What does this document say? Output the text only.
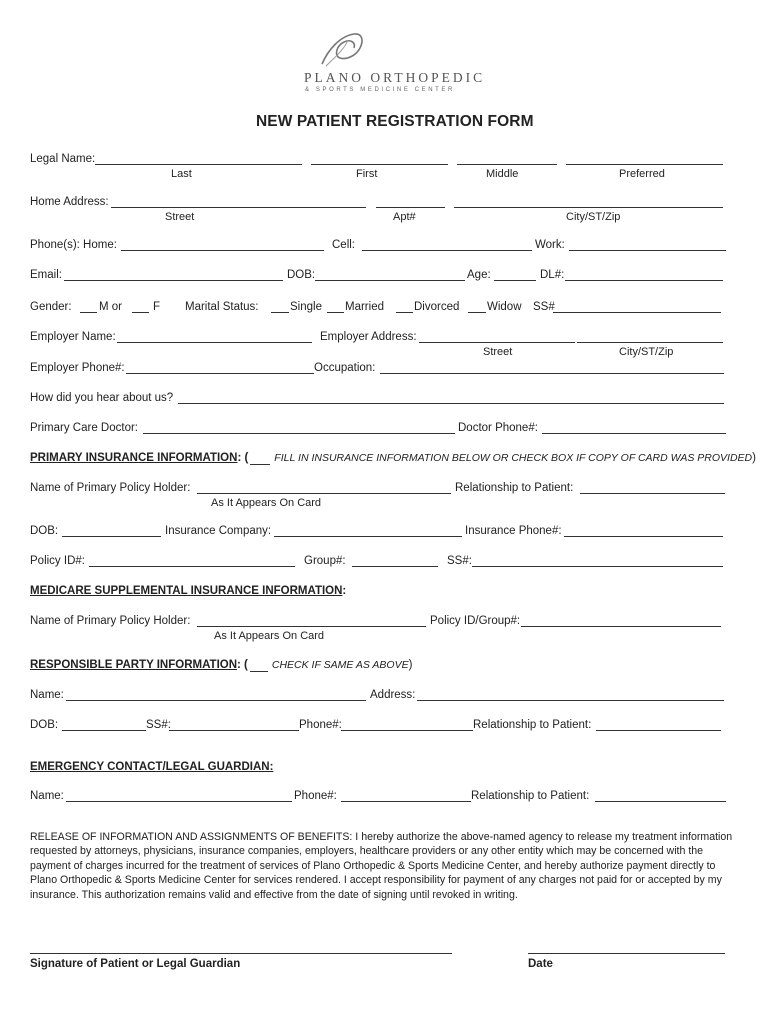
PLANO ORTHOPEDIC
& SPORTS MEDICINE CENTER
NEW PATIENT REGISTRATION FORM
Legal Name:
Last	First	Middle	Preferred
Home Address:
Street	Apt#	City/ST/Zip
Phone(s): Home:	Cell:	Work:
Email:	DOB:	Age:	DL#:
Gender: M or	F Marital Status:	Single Married	Divorced Widow SS#
Employer Name:	Employer Address:
Street	City/ST/Zip
Employer Phone#:	Occupation:
How did you hear about us?
Primary Care Doctor:	Doctor Phone#:
PRIMARY INSURANCE INFORMATION: ( FILL IN INSURANCE INFORMATION BELOW OR CHECK BOX IF COPY OF CARD WAS PROVIDED)
Name of Primary Policy Holder:
As It Appears On Card
Relationship to Patient:
DOB:	Insurance Company:	Insurance Phone#:
Policy ID#:	Group#:	SS#:
MEDICARE SUPPLEMENTAL INSURANCE INFORMATION:
Name of Primary Policy Holder:	Policy ID/Group#:
As It Appears On Card
RESPONSIBLE PARTY INFORMATION: ( CHECK IF SAME AS ABOVE)
Name:	Address:
DOB:	SS#:	Phone#:	Relationship to Patient:
EMERGENCY CONTACT/LEGAL GUARDIAN:
Name:	Phone#:	Relationship to Patient:
RELEASE OF INFORMATION AND ASSIGNMENTS OF BENEFITS: I hereby authorize the above-named agency to release my treatment information requested by attorneys, physicians, insurance companies, employers, healthcare providers or any other entity which may be concerned with the payment of charges incurred for the treatment of services of Plano Orthopedic & Sports Medicine Center, and hereby authorize payment directly to Plano Orthopedic & Sports Medicine Center for services rendered. I accept responsibility for payment of any charges not paid for or accepted by my insurance. This authorization remains valid and effective from the date of signing until revoked in writing.
Signature of Patient or Legal Guardian	Date
